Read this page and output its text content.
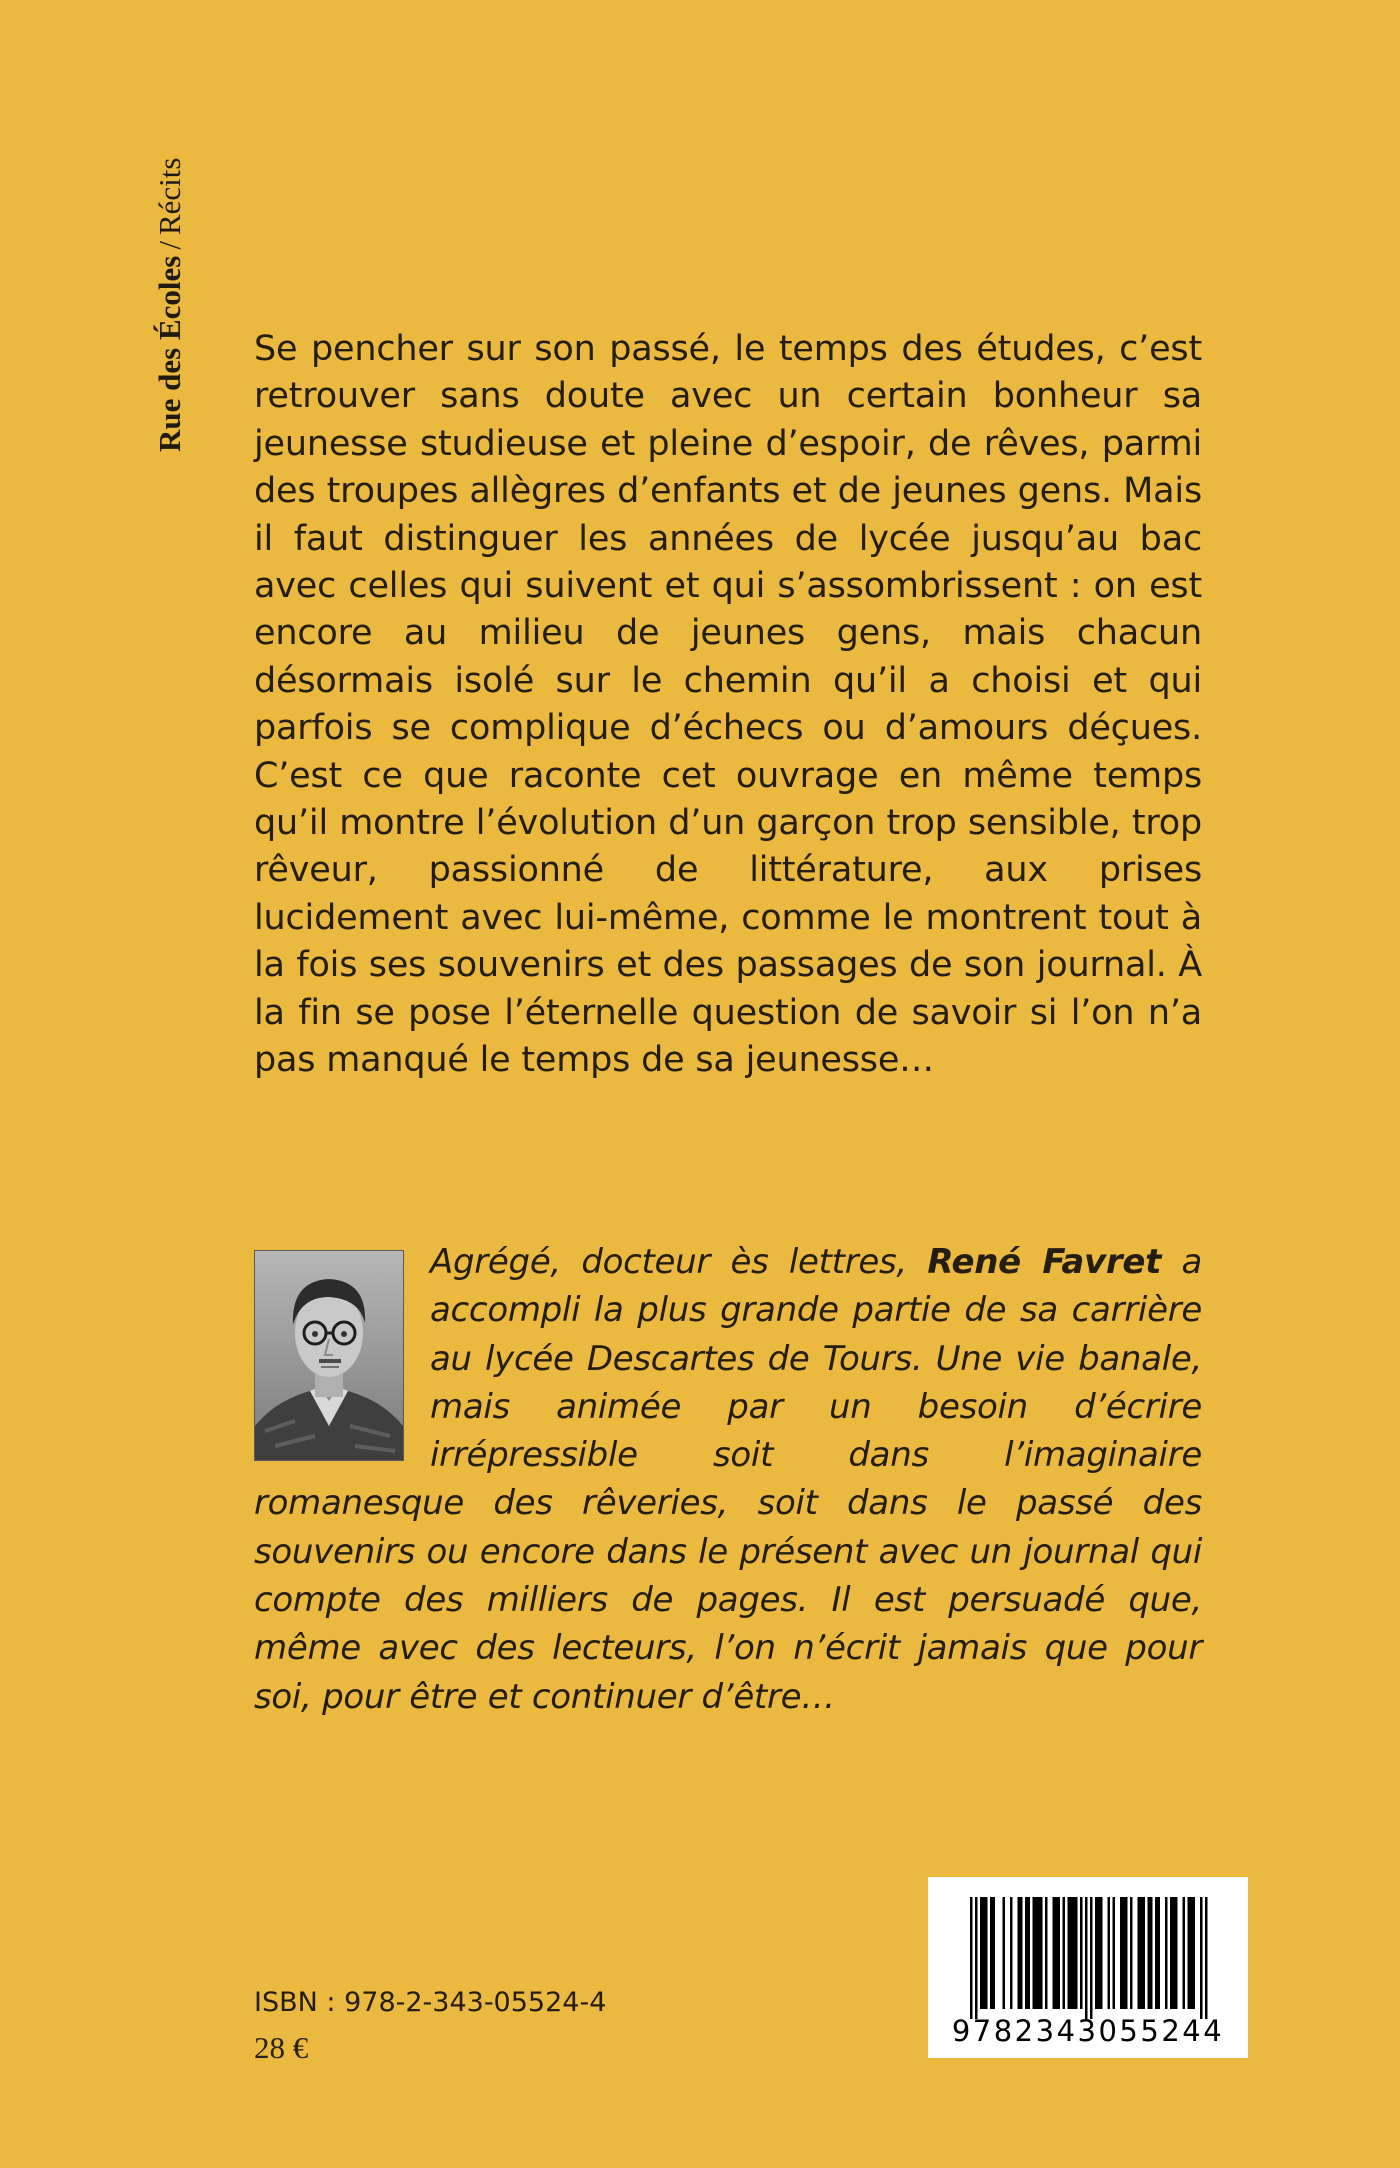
Rue des Écoles/Récits

Se pencher sur son passé, le temps des études, c’est retrouver sans doute avec un certain bonheur sa jeunesse studieuse et pleine d’espoir, de rêves, parmi des troupes allègres d’enfants et de jeunes gens. Mais il faut distinguer les années de lycée jusqu’au bac avec celles qui suivent et qui s’assombrissent : on est encore au milieu de jeunes gens, mais chacun désormais isolé sur le chemin qu’il a choisi et qui parfois se complique d’échecs ou d’amours déçues. C’est ce que raconte cet ouvrage en même temps qu’il montre l’évolution d’un garçon trop sensible, trop rêveur, passionné de littérature, aux prises lucidement avec lui-même, comme le montrent tout à la fois ses souvenirs et des passages de son journal. À la fin se pose l’éternelle question de savoir si l’on n’a pas manqué le temps de sa jeunesse…

Agrégé, docteur ès lettres, René Favret a accompli la plus grande partie de sa carrière au lycée Descartes de Tours. Une vie banale, mais animée par un besoin d’écrire irrépressible soit dans l’imaginaire romanesque des rêveries, soit dans le passé des souvenirs ou encore dans le présent avec un journal qui compte des milliers de pages. Il est persuadé que, même avec des lecteurs, l’on n’écrit jamais que pour soi, pour être et continuer d’être…

ISBN : 978-2-343-05524-4
28 €	9782343055244
